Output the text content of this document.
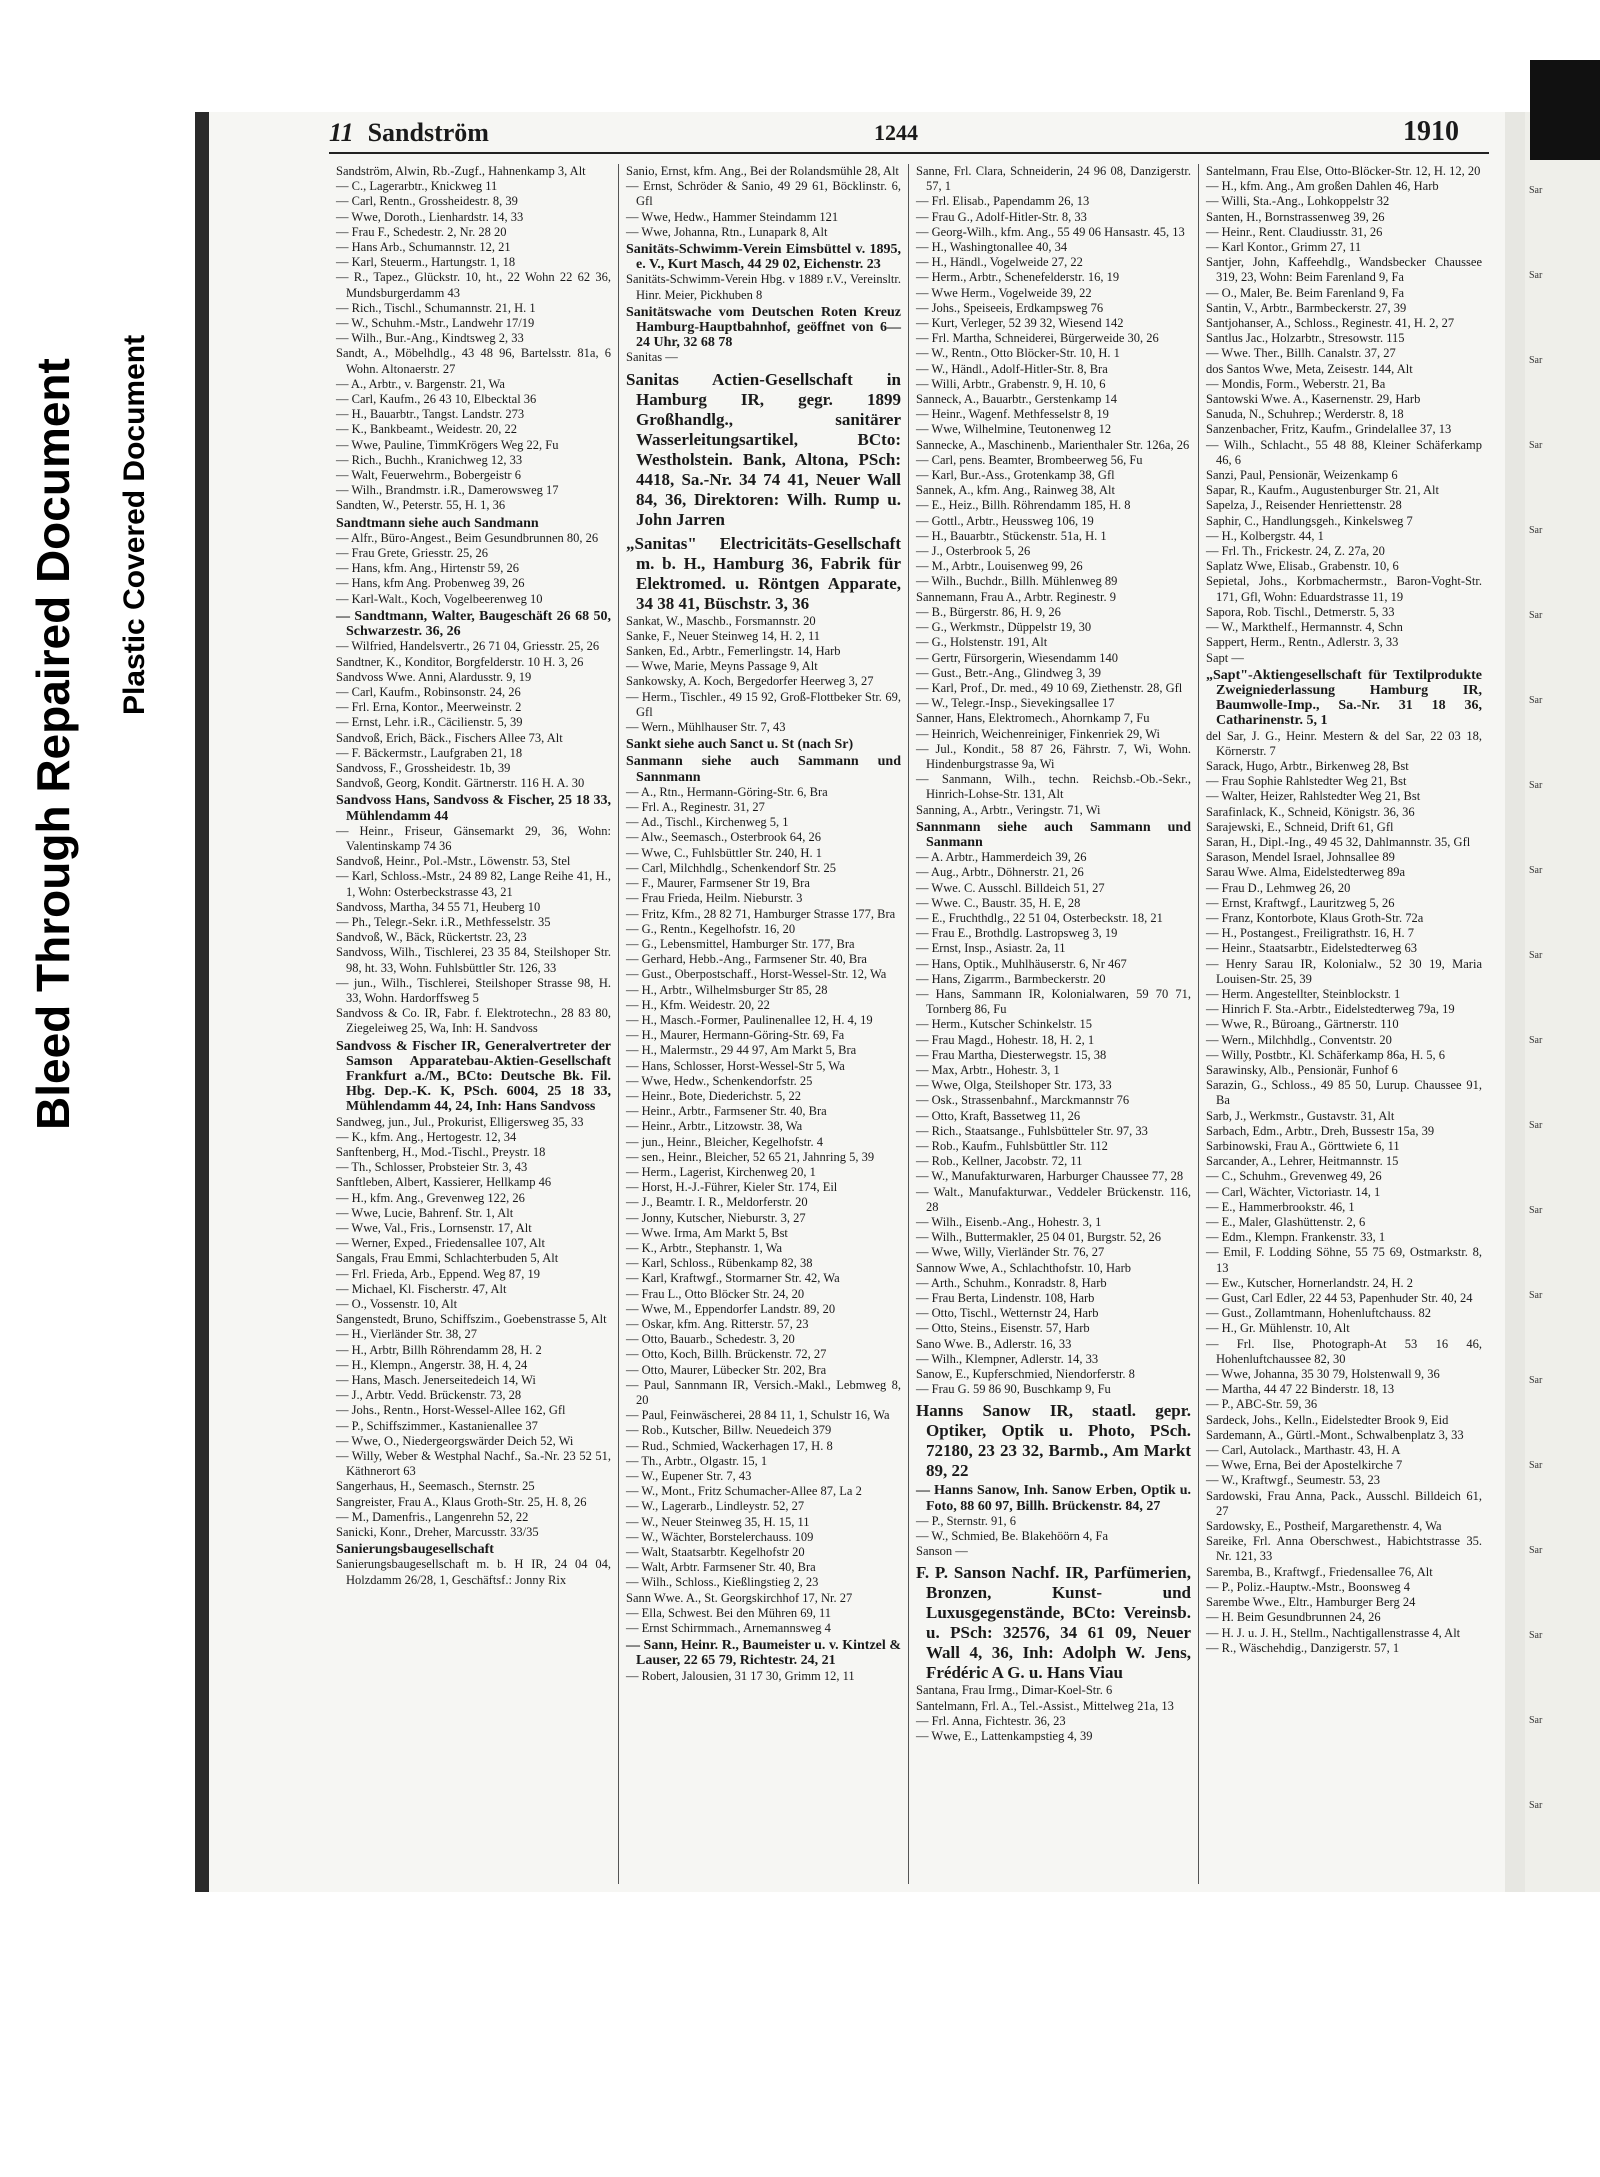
Bleed Through Repaired Document Plastic Covered Document
11 Sandström	1244	1910

Sandström, Alwin, Rb.-Zugf., Hahnenkamp 3, Alt

— C., Lagerarbtr., Knickweg 11

— Carl, Rentn., Grossheidestr. 8, 39

— Wwe, Doroth., Lienhardstr. 14, 33

— Frau F., Schedestr. 2, Nr. 28 20

— Hans Arb., Schumannstr. 12, 21

— Karl, Steuerm., Hartungstr. 1, 18

— R., Tapez., Glückstr. 10, ht., 22 Wohn 22 62 36, Mundsburgerdamm 43

— Rich., Tischl., Schumannstr. 21, H. 1

— W., Schuhm.-Mstr., Landwehr 17/19

— Wilh., Bur.-Ang., Kindtsweg 2, 33

Sandt, A., Möbelhdlg., 43 48 96, Bartelsstr. 81a, 6 Wohn. Altonaerstr. 27

— A., Arbtr., v. Bargenstr. 21, Wa

— Carl, Kaufm., 26 43 10, Elbecktal 36

— H., Bauarbtr., Tangst. Landstr. 273

— K., Bankbeamt., Weidestr. 20, 22

— Wwe, Pauline, TimmKrögers Weg 22, Fu

— Rich., Buchh., Kranichweg 12, 33

— Walt, Feuerwehrm., Bobergeistr 6

— Wilh., Brandmstr. i.R., Damerowsweg 17

Sandten, W., Peterstr. 55, H. 1, 36

Sandtmann siehe auch Sandmann

— Alfr., Büro-Angest., Beim Gesundbrunnen 80, 26

— Frau Grete, Griesstr. 25, 26

— Hans, kfm. Ang., Hirtenstr 59, 26

— Hans, kfm Ang. Probenweg 39, 26

— Karl-Walt., Koch, Vogelbeerenweg 10

— Sandtmann, Walter, Baugeschäft 26 68 50, Schwarzestr. 36, 26

— Wilfried, Handelsvertr., 26 71 04, Griesstr. 25, 26

Sandtner, K., Konditor, Borgfelderstr. 10 H. 3, 26

Sandvoss Wwe. Anni, Alardusstr. 9, 19

— Carl, Kaufm., Robinsonstr. 24, 26

— Frl. Erna, Kontor., Meerweinstr. 2

— Ernst, Lehr. i.R., Cäcilienstr. 5, 39

Sandvoß, Erich, Bäck., Fischers Allee 73, Alt

— F. Bäckermstr., Laufgraben 21, 18

Sandvoss, F., Grossheidestr. 1b, 39

Sandvoß, Georg, Kondit. Gärtnerstr. 116 H. A. 30

Sandvoss Hans, Sandvoss & Fischer, 25 18 33, Mühlendamm 44

— Heinr., Friseur, Gänsemarkt 29, 36, Wohn: Valentinskamp 74 36

Sandvoß, Heinr., Pol.-Mstr., Löwenstr. 53, Stel

— Karl, Schloss.-Mstr., 24 89 82, Lange Reihe 41, H., 1, Wohn: Osterbeckstrasse 43, 21

Sandvoss, Martha, 34 55 71, Heuberg 10

— Ph., Telegr.-Sekr. i.R., Methfesselstr. 35

Sandvoß, W., Bäck, Rückertstr. 23, 23

Sandvoss, Wilh., Tischlerei, 23 35 84, Steilshoper Str. 98, ht. 33, Wohn. Fuhlsbüttler Str. 126, 33

— jun., Wilh., Tischlerei, Steilshoper Strasse 98, H. 33, Wohn. Hardorffsweg 5

Sandvoss & Co. IR, Fabr. f. Elektrotechn., 28 83 80, Ziegeleiweg 25, Wa, Inh: H. Sandvoss

Sandvoss & Fischer IR, Generalvertreter der Samson Apparatebau-Aktien-Gesellschaft Frankfurt a./M., BCto: Deutsche Bk. Fil. Hbg. Dep.-K. K, PSch. 6004, 25 18 33, Mühlendamm 44, 24, Inh: Hans Sandvoss

Sandweg, jun., Jul., Prokurist, Elligersweg 35, 33

— K., kfm. Ang., Hertogestr. 12, 34

Sanftenberg, H., Mod.-Tischl., Preystr. 18

— Th., Schlosser, Probsteier Str. 3, 43

Sanftleben, Albert, Kassierer, Hellkamp 46

— H., kfm. Ang., Grevenweg 122, 26

— Wwe, Lucie, Bahrenf. Str. 1, Alt

— Wwe, Val., Fris., Lornsenstr. 17, Alt

— Werner, Exped., Friedensallee 107, Alt

Sangals, Frau Emmi, Schlachterbuden 5, Alt

— Frl. Frieda, Arb., Eppend. Weg 87, 19

— Michael, Kl. Fischerstr. 47, Alt

— O., Vossenstr. 10, Alt

Sangenstedt, Bruno, Schiffszim., Goebenstrasse 5, Alt

— H., Vierländer Str. 38, 27

— H., Arbtr, Billh Röhrendamm 28, H. 2

— H., Klempn., Angerstr. 38, H. 4, 24

— Hans, Masch. Jenerseitedeich 14, Wi

— J., Arbtr. Vedd. Brückenstr. 73, 28

— Johs., Rentn., Horst-Wessel-Allee 162, Gfl

— P., Schiffszimmer., Kastanienallee 37

— Wwe, O., Niedergeorgswärder Deich 52, Wi

— Willy, Weber & Westphal Nachf., Sa.-Nr. 23 52 51, Käthnerort 63

Sangerhaus, H., Seemasch., Sternstr. 25

Sangreister, Frau A., Klaus Groth-Str. 25, H. 8, 26

— M., Damenfris., Langenrehn 52, 22

Sanicki, Konr., Dreher, Marcusstr. 33/35

Sanierungsbaugesellschaft

Sanierungsbaugesellschaft m. b. H IR, 24 04 04, Holzdamm 26/28, 1, Geschäftsf.: Jonny Rix

Sanio, Ernst, kfm. Ang., Bei der Rolandsmühle 28, Alt

— Ernst, Schröder & Sanio, 49 29 61, Böcklinstr. 6, Gfl

— Wwe, Hedw., Hammer Steindamm 121

— Wwe, Johanna, Rtn., Lunapark 8, Alt

Sanitäts-Schwimm-Verein Eimsbüttel v. 1895, e. V., Kurt Masch, 44 29 02, Eichenstr. 23

Sanitäts-Schwimm-Verein Hbg. v 1889 r.V., Vereinsltr. Hinr. Meier, Pickhuben 8

Sanitätswache vom Deutschen Roten Kreuz Hamburg-Hauptbahnhof, geöffnet von 6—24 Uhr, 32 68 78

Sanitas —

Sanitas Actien-Gesellschaft in Hamburg IR, gegr. 1899 Großhandlg., sanitärer Wasserleitungsartikel, BCto: Westholstein. Bank, Altona, PSch: 4418, Sa.-Nr. 34 74 41, Neuer Wall 84, 36, Direktoren: Wilh. Rump u. John Jarren

„Sanitas" Electricitäts-Gesellschaft m. b. H., Hamburg 36, Fabrik für Elektromed. u. Röntgen Apparate, 34 38 41, Büschstr. 3, 36

Sankat, W., Maschb., Forsmannstr. 20

Sanke, F., Neuer Steinweg 14, H. 2, 11

Sanken, Ed., Arbtr., Femerlingstr. 14, Harb

— Wwe, Marie, Meyns Passage 9, Alt

Sankowsky, A. Koch, Bergedorfer Heerweg 3, 27

— Herm., Tischler., 49 15 92, Groß-Flottbeker Str. 69, Gfl

— Wern., Mühlhauser Str. 7, 43

Sankt siehe auch Sanct u. St (nach Sr)

Sanmann siehe auch Sammann und Sannmann

— A., Rtn., Hermann-Göring-Str. 6, Bra

— Frl. A., Reginestr. 31, 27

— Ad., Tischl., Kirchenweg 5, 1

— Alw., Seemasch., Osterbrook 64, 26

— Wwe, C., Fuhlsbüttler Str. 240, H. 1

— Carl, Milchhdlg., Schenkendorf Str. 25

— F., Maurer, Farmsener Str 19, Bra

— Frau Frieda, Heilm. Nieburstr. 3

— Fritz, Kfm., 28 82 71, Hamburger Strasse 177, Bra

— G., Rentn., Kegelhofstr. 16, 20

— G., Lebensmittel, Hamburger Str. 177, Bra

— Gerhard, Hebb.-Ang., Farmsener Str. 40, Bra

— Gust., Oberpostschaff., Horst-Wessel-Str. 12, Wa

— H., Arbtr., Wilhelmsburger Str 85, 28

— H., Kfm. Weidestr. 20, 22

— H., Masch.-Former, Paulinenallee 12, H. 4, 19

— H., Maurer, Hermann-Göring-Str. 69, Fa

— H., Malermstr., 29 44 97, Am Markt 5, Bra

— Hans, Schlosser, Horst-Wessel-Str 5, Wa

— Wwe, Hedw., Schenkendorfstr. 25

— Heinr., Bote, Diederichstr. 5, 22

— Heinr., Arbtr., Farmsener Str. 40, Bra

— Heinr., Arbtr., Litzowstr. 38, Wa

— jun., Heinr., Bleicher, Kegelhofstr. 4

— sen., Heinr., Bleicher, 52 65 21, Jahnring 5, 39

— Herm., Lagerist, Kirchenweg 20, 1

— Horst, H.-J.-Führer, Kieler Str. 174, Eil

— J., Beamtr. I. R., Meldorferstr. 20

— Jonny, Kutscher, Nieburstr. 3, 27

— Wwe. Irma, Am Markt 5, Bst

— K., Arbtr., Stephanstr. 1, Wa

— Karl, Schloss., Rübenkamp 82, 38

— Karl, Kraftwgf., Stormarner Str. 42, Wa

— Frau L., Otto Blöcker Str. 24, 20

— Wwe, M., Eppendorfer Landstr. 89, 20

— Oskar, kfm. Ang. Ritterstr. 57, 23

— Otto, Bauarb., Schedestr. 3, 20

— Otto, Koch, Billh. Brückenstr. 72, 27

— Otto, Maurer, Lübecker Str. 202, Bra

— Paul, Sannmann IR, Versich.-Makl., Lebmweg 8, 20

— Paul, Feinwäscherei, 28 84 11, 1, Schulstr 16, Wa

— Rob., Kutscher, Billw. Neuedeich 379

— Rud., Schmied, Wackerhagen 17, H. 8

— Th., Arbtr., Olgastr. 15, 1

— W., Eupener Str. 7, 43

— W., Mont., Fritz Schumacher-Allee 87, La 2

— W., Lagerarb., Lindleystr. 52, 27

— W., Neuer Steinweg 35, H. 15, 11

— W., Wächter, Borstelerchauss. 109

— Walt, Staatsarbtr. Kegelhofstr 20

— Walt, Arbtr. Farmsener Str. 40, Bra

— Wilh., Schloss., Kießlingstieg 2, 23

Sann Wwe. A., St. Georgskirchhof 17, Nr. 27

— Ella, Schwest. Bei den Mühren 69, 11

— Ernst Schirmmach., Arnemannsweg 4

— Sann, Heinr. R., Baumeister u. v. Kintzel & Lauser, 22 65 79, Richtestr. 24, 21

— Robert, Jalousien, 31 17 30, Grimm 12, 11

Sanne, Frl. Clara, Schneiderin, 24 96 08, Danzigerstr. 57, 1

— Frl. Elisab., Papendamm 26, 13

— Frau G., Adolf-Hitler-Str. 8, 33

— Georg-Wilh., kfm. Ang., 55 49 06 Hansastr. 45, 13

— H., Washingtonallee 40, 34

— H., Händl., Vogelweide 27, 22

— Herm., Arbtr., Schenefelderstr. 16, 19

— Wwe Herm., Vogelweide 39, 22

— Johs., Speiseeis, Erdkampsweg 76

— Kurt, Verleger, 52 39 32, Wiesend 142

— Frl. Martha, Schneiderei, Bürgerweide 30, 26

— W., Rentn., Otto Blöcker-Str. 10, H. 1

— W., Händl., Adolf-Hitler-Str. 8, Bra

— Willi, Arbtr., Grabenstr. 9, H. 10, 6

Sanneck, A., Bauarbtr., Gerstenkamp 14

— Heinr., Wagenf. Methfesselstr 8, 19

— Wwe, Wilhelmine, Teutonenweg 12

Sannecke, A., Maschinenb., Marienthaler Str. 126a, 26

— Carl, pens. Beamter, Brombeerweg 56, Fu

— Karl, Bur.-Ass., Grotenkamp 38, Gfl

Sannek, A., kfm. Ang., Rainweg 38, Alt

— E., Heiz., Billh. Röhrendamm 185, H. 8

— Gottl., Arbtr., Heussweg 106, 19

— H., Bauarbtr., Stückenstr. 51a, H. 1

— J., Osterbrook 5, 26

— M., Arbtr., Louisenweg 99, 26

— Wilh., Buchdr., Billh. Mühlenweg 89

Sannemann, Frau A., Arbtr. Reginestr. 9

— B., Bürgerstr. 86, H. 9, 26

— G., Werkmstr., Düppelstr 19, 30

— G., Holstenstr. 191, Alt

— Gertr, Fürsorgerin, Wiesendamm 140

— Gust., Betr.-Ang., Glindweg 3, 39

— Karl, Prof., Dr. med., 49 10 69, Ziethenstr. 28, Gfl

— W., Telegr.-Insp., Sievekingsallee 17

Sanner, Hans, Elektromech., Ahornkamp 7, Fu

— Heinrich, Weichenreiniger, Finkenriek 29, Wi

— Jul., Kondit., 58 87 26, Fährstr. 7, Wi, Wohn. Hindenburgstrasse 9a, Wi

— Sanmann, Wilh., techn. Reichsb.-Ob.-Sekr., Hinrich-Lohse-Str. 131, Alt

Sanning, A., Arbtr., Veringstr. 71, Wi

Sannmann siehe auch Sammann und Sanmann

— A. Arbtr., Hammerdeich 39, 26

— Aug., Arbtr., Döhnerstr. 21, 26

— Wwe. C. Ausschl. Billdeich 51, 27

— Wwe. C., Baustr. 35, H. E, 28

— E., Fruchthdlg., 22 51 04, Osterbeckstr. 18, 21

— Frau E., Brothdlg. Lastropsweg 3, 19

— Ernst, Insp., Asiastr. 2a, 11

— Hans, Optik., Muhlhäuserstr. 6, Nr 467

— Hans, Zigarrm., Barmbeckerstr. 20

— Hans, Sammann IR, Kolonialwaren, 59 70 71, Tornberg 86, Fu

— Herm., Kutscher Schinkelstr. 15

— Frau Magd., Hohestr. 18, H. 2, 1

— Frau Martha, Diesterwegstr. 15, 38

— Max, Arbtr., Hohestr. 3, 1

— Wwe, Olga, Steilshoper Str. 173, 33

— Osk., Strassenbahnf., Marckmannstr 76

— Otto, Kraft, Bassetweg 11, 26

— Rich., Staatsange., Fuhlsbütteler Str. 97, 33

— Rob., Kaufm., Fuhlsbüttler Str. 112

— Rob., Kellner, Jacobstr. 72, 11

— W., Manufakturwaren, Harburger Chaussee 77, 28

— Walt., Manufakturwar., Veddeler Brückenstr. 116, 28

— Wilh., Eisenb.-Ang., Hohestr. 3, 1

— Wilh., Buttermakler, 25 04 01, Burgstr. 52, 26

— Wwe, Willy, Vierländer Str. 76, 27

Sannow Wwe, A., Schlachthofstr. 10, Harb

— Arth., Schuhm., Konradstr. 8, Harb

— Frau Berta, Lindenstr. 108, Harb

— Otto, Tischl., Wetternstr 24, Harb

— Otto, Steins., Eisenstr. 57, Harb

Sano Wwe. B., Adlerstr. 16, 33

— Wilh., Klempner, Adlerstr. 14, 33

Sanow, E., Kupferschmied, Niendorferstr. 8

— Frau G. 59 86 90, Buschkamp 9, Fu

Hanns Sanow IR, staatl. gepr. Optiker, Optik u. Photo, PSch. 72180, 23 23 32, Barmb., Am Markt 89, 22

— Hanns Sanow, Inh. Sanow Erben, Optik u. Foto, 88 60 97, Billh. Brückenstr. 84, 27

— P., Sternstr. 91, 6

— W., Schmied, Be. Blakehöörn 4, Fa

Sanson —

F. P. Sanson Nachf. IR, Parfümerien, Bronzen, Kunst- und Luxusgegenstände, BCto: Vereinsb. u. PSch: 32576, 34 61 09, Neuer Wall 4, 36, Inh: Adolph W. Jens, Frédéric A G. u. Hans Viau

Santana, Frau Irmg., Dimar-Koel-Str. 6

Santelmann, Frl. A., Tel.-Assist., Mittelweg 21a, 13

— Frl. Anna, Fichtestr. 36, 23

— Wwe, E., Lattenkampstieg 4, 39

Santelmann, Frau Else, Otto-Blöcker-Str. 12, H. 12, 20

— H., kfm. Ang., Am großen Dahlen 46, Harb

— Willi, Sta.-Ang., Lohkoppelstr 32

Santen, H., Bornstrassenweg 39, 26

— Heinr., Rent. Claudiusstr. 31, 26

— Karl Kontor., Grimm 27, 11

Santjer, John, Kaffeehdlg., Wandsbecker Chaussee 319, 23, Wohn: Beim Farenland 9, Fa

— O., Maler, Be. Beim Farenland 9, Fa

Santin, V., Arbtr., Barmbeckerstr. 27, 39

Santjohanser, A., Schloss., Reginestr. 41, H. 2, 27

Santlus Jac., Holzarbtr., Stresowstr. 115

— Wwe. Ther., Billh. Canalstr. 37, 27

dos Santos Wwe, Meta, Zeisestr. 144, Alt

— Mondis, Form., Weberstr. 21, Ba

Santowski Wwe. A., Kasernenstr. 29, Harb

Sanuda, N., Schuhrep.; Werderstr. 8, 18

Sanzenbacher, Fritz, Kaufm., Grindelallee 37, 13

— Wilh., Schlacht., 55 48 88, Kleiner Schäferkamp 46, 6

Sanzi, Paul, Pensionär, Weizenkamp 6

Sapar, R., Kaufm., Augustenburger Str. 21, Alt

Sapelza, J., Reisender Henriettenstr. 28

Saphir, C., Handlungsgeh., Kinkelsweg 7

— H., Kolbergstr. 44, 1

— Frl. Th., Frickestr. 24, Z. 27a, 20

Saplatz Wwe, Elisab., Grabenstr. 10, 6

Sepietal, Johs., Korbmachermstr., Baron-Voght-Str. 171, Gfl, Wohn: Eduardstrasse 11, 19

Sapora, Rob. Tischl., Detmerstr. 5, 33

— W., Markthelf., Hermannstr. 4, Schn

Sappert, Herm., Rentn., Adlerstr. 3, 33

Sapt —

„Sapt"-Aktiengesellschaft für Textilprodukte Zweigniederlassung Hamburg IR, Baumwolle-Imp., Sa.-Nr. 31 18 36, Catharinenstr. 5, 1

del Sar, J. G., Heinr. Mestern & del Sar, 22 03 18, Körnerstr. 7

Sarack, Hugo, Arbtr., Birkenweg 28, Bst

— Frau Sophie Rahlstedter Weg 21, Bst

— Walter, Heizer, Rahlstedter Weg 21, Bst

Sarafinlack, K., Schneid, Königstr. 36, 36

Sarajewski, E., Schneid, Drift 61, Gfl

Saran, H., Dipl.-Ing., 49 45 32, Dahlmannstr. 35, Gfl

Sarason, Mendel Israel, Johnsallee 89

Sarau Wwe. Alma, Eidelstedterweg 89a

— Frau D., Lehmweg 26, 20

— Ernst, Kraftwgf., Lauritzweg 5, 26

— Franz, Kontorbote, Klaus Groth-Str. 72a

— H., Postangest., Freiligrathstr. 16, H. 7

— Heinr., Staatsarbtr., Eidelstedterweg 63

— Henry Sarau IR, Kolonialw., 52 30 19, Maria Louisen-Str. 25, 39

— Herm. Angestellter, Steinblockstr. 1

— Hinrich F. Sta.-Arbtr., Eidelstedterweg 79a, 19

— Wwe, R., Büroang., Gärtnerstr. 110

— Wern., Milchhdlg., Conventstr. 20

— Willy, Postbtr., Kl. Schäferkamp 86a, H. 5, 6

Sarawinsky, Alb., Pensionär, Funhof 6

Sarazin, G., Schloss., 49 85 50, Lurup. Chaussee 91, Ba

Sarb, J., Werkmstr., Gustavstr. 31, Alt

Sarbach, Edm., Arbtr., Dreh, Bussestr 15a, 39

Sarbinowski, Frau A., Görttwiete 6, 11

Sarcander, A., Lehrer, Heitmannstr. 15

— C., Schuhm., Grevenweg 49, 26

— Carl, Wächter, Victoriastr. 14, 1

— E., Hammerbrookstr. 46, 1

— E., Maler, Glashüttenstr. 2, 6

— Edm., Klempn. Frankenstr. 33, 1

— Emil, F. Lodding Söhne, 55 75 69, Ostmarkstr. 8, 13

— Ew., Kutscher, Hornerlandstr. 24, H. 2

— Gust, Carl Edler, 22 44 53, Papenhuder Str. 40, 24

— Gust., Zollamtmann, Hohenluftchauss. 82

— H., Gr. Mühlenstr. 10, Alt

— Frl. Ilse, Photograph-At 53 16 46, Hohenluftchaussee 82, 30

— Wwe, Johanna, 35 30 79, Holstenwall 9, 36

— Martha, 44 47 22 Binderstr. 18, 13

— P., ABC-Str. 59, 36

Sardeck, Johs., Kelln., Eidelstedter Brook 9, Eid

Sardemann, A., Gürtl.-Mont., Schwalbenplatz 3, 33

— Carl, Autolack., Marthastr. 43, H. A

— Wwe, Erna, Bei der Apostelkirche 7

— W., Kraftwgf., Seumestr. 53, 23

Sardowski, Frau Anna, Pack., Ausschl. Billdeich 61, 27

Sardowsky, E., Postheif, Margarethenstr. 4, Wa

Sareike, Frl. Anna Oberschwest., Habichtstrasse 35. Nr. 121, 33

Saremba, B., Kraftwgf., Friedensallee 76, Alt

— P., Poliz.-Hauptw.-Mstr., Boonsweg 4

Sarembe Wwe., Eltr., Hamburger Berg 24

— H. Beim Gesundbrunnen 24, 26

— H. J. u. J. H., Stellm., Nachtigallenstrasse 4, Alt

— R., Wäschehdig., Danzigerstr. 57, 1

Sar
Sar
Sar
Sar
Sar
Sar
Sar
Sar
Sar
Sar
Sar
Sar
Sar
Sar
Sar
Sar
Sar
Sar
Sar
Sar
